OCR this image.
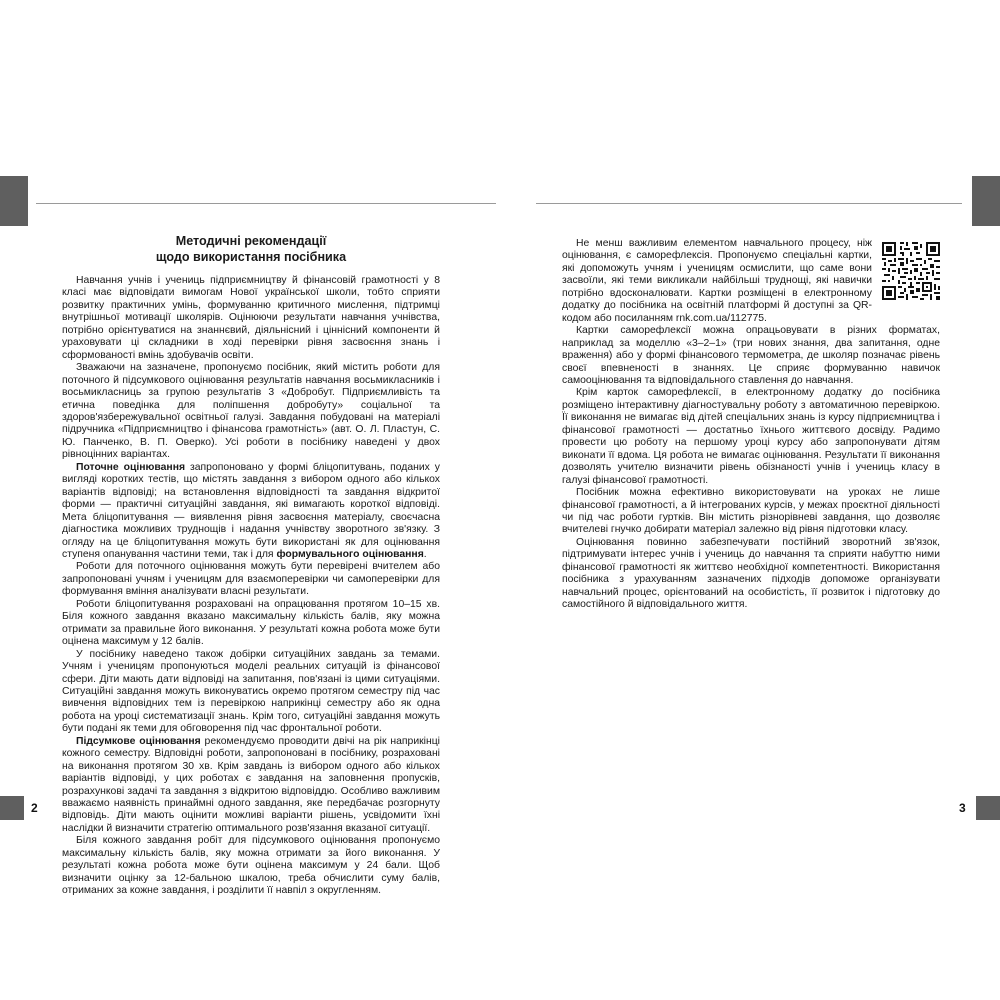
2	3
Методичні рекомендації
щодо використання посібника

Навчання учнів і учениць підприємництву й фінансовій грамотності у 8 класі має відповідати вимогам Нової української школи, тобто сприяти розвитку практичних умінь, формуванню критичного мислення, підтримці внутрішньої мотивації школярів. Оцінюючи результати навчання учнівства, потрібно орієнтуватися на знаннєвий, діяльнісний і ціннісний компоненти й ураховувати ці складники в ході перевірки рівня засвоєння знань і сформованості вмінь здобувачів освіти.

Зважаючи на зазначене, пропонуємо посібник, який містить роботи для поточного й підсумкового оцінювання результатів навчання восьмикласників і восьмикласниць за групою результатів 3 «Добробут. Підприємливість та етична поведінка для поліпшення добробуту» соціальної та здоров'язбережувальної освітньої галузі. Завдання побудовані на матеріалі підручника «Підприємництво і фінансова грамотність» (авт. О. Л. Пластун, С. Ю. Панченко, В. П. Оверко). Усі роботи в посібнику наведені у двох рівноцінних варіантах.

Поточне оцінювання запропоновано у формі бліцопитувань, поданих у вигляді коротких тестів, що містять завдання з вибором одного або кількох варіантів відповіді; на встановлення відповідності та завдання відкритої форми — практичні ситуаційні завдання, які вимагають короткої відповіді. Мета бліцопитування — виявлення рівня засвоєння матеріалу, своєчасна діагностика можливих труднощів і надання учнівству зворотного зв'язку. З огляду на це бліцопитування можуть бути використані як для оцінювання ступеня опанування частини теми, так і для формувального оцінювання.

Роботи для поточного оцінювання можуть бути перевірені вчителем або запропоновані учням і ученицям для взаємоперевірки чи самоперевірки для формування вміння аналізувати власні результати.

Роботи бліцопитування розраховані на опрацювання протягом 10–15 хв. Біля кожного завдання вказано максимальну кількість балів, яку можна отримати за правильне його виконання. У результаті кожна робота може бути оцінена максимум у 12 балів.

У посібнику наведено також добірки ситуаційних завдань за темами. Учням і ученицям пропонуються моделі реальних ситуацій із фінансової сфери. Діти мають дати відповіді на запитання, пов'язані із цими ситуаціями. Ситуаційні завдання можуть виконуватись окремо протягом семестру під час вивчення відповідних тем із перевіркою наприкінці семестру або як одна робота на уроці систематизації знань. Крім того, ситуаційні завдання можуть бути подані як теми для обговорення під час фронтальної роботи.

Підсумкове оцінювання рекомендуємо проводити двічі на рік наприкінці кожного семестру. Відповідні роботи, запропоновані в посібнику, розраховані на виконання протягом 30 хв. Крім завдань із вибором одного або кількох варіантів відповіді, у цих роботах є завдання на заповнення пропусків, розрахункові задачі та завдання з відкритою відповіддю. Особливо важливим вважаємо наявність принаймні одного завдання, яке передбачає розгорнуту відповідь. Діти мають оцінити можливі варіанти рішень, усвідомити їхні наслідки й визначити стратегію оптимального розв'язання вказаної ситуації.

Біля кожного завдання робіт для підсумкового оцінювання пропонуємо максимальну кількість балів, яку можна отримати за його виконання. У результаті кожна робота може бути оцінена максимум у 24 бали. Щоб визначити оцінку за 12-бальною шкалою, треба обчислити суму балів, отриманих за кожне завдання, і розділити її навпіл з округленням.

Не менш важливим елементом навчального процесу, ніж оцінювання, є саморефлексія. Пропонуємо спеціальні картки, які допоможуть учням і ученицям осмислити, що саме вони засвоїли, які теми викликали найбільші труднощі, які навички потрібно вдосконалювати. Картки розміщені в електронному додатку до посібника на освітній платформі й доступні за QR-кодом або посиланням rnk.com.ua/112775.

Картки саморефлексії можна опрацьовувати в різних форматах, наприклад за моделлю «3–2–1» (три нових знання, два запитання, одне враження) або у формі фінансового термометра, де школяр позначає рівень своєї впевненості в знаннях. Це сприяє формуванню навичок самооцінювання та відповідального ставлення до навчання.

Крім карток саморефлексії, в електронному додатку до посібника розміщено інтерактивну діагностувальну роботу з автоматичною перевіркою. Її виконання не вимагає від дітей спеціальних знань із курсу підприємництва і фінансової грамотності — достатньо їхнього життєвого досвіду. Радимо провести цю роботу на першому уроці курсу або запропонувати дітям виконати її вдома. Ця робота не вимагає оцінювання. Результати її виконання дозволять учителю визначити рівень обізнаності учнів і учениць класу в галузі фінансової грамотності.

Посібник можна ефективно використовувати на уроках не лише фінансової грамотності, а й інтегрованих курсів, у межах проєктної діяльності чи під час роботи гуртків. Він містить різнорівневі завдання, що дозволяє вчителеві гнучко добирати матеріал залежно від рівня підготовки класу.

Оцінювання повинно забезпечувати постійний зворотний зв'язок, підтримувати інтерес учнів і учениць до навчання та сприяти набуттю ними фінансової грамотності як життєво необхідної компетентності. Використання посібника з урахуванням зазначених підходів допоможе організувати навчальний процес, орієнтований на особистість, її розвиток і підготовку до самостійного й відповідального життя.
